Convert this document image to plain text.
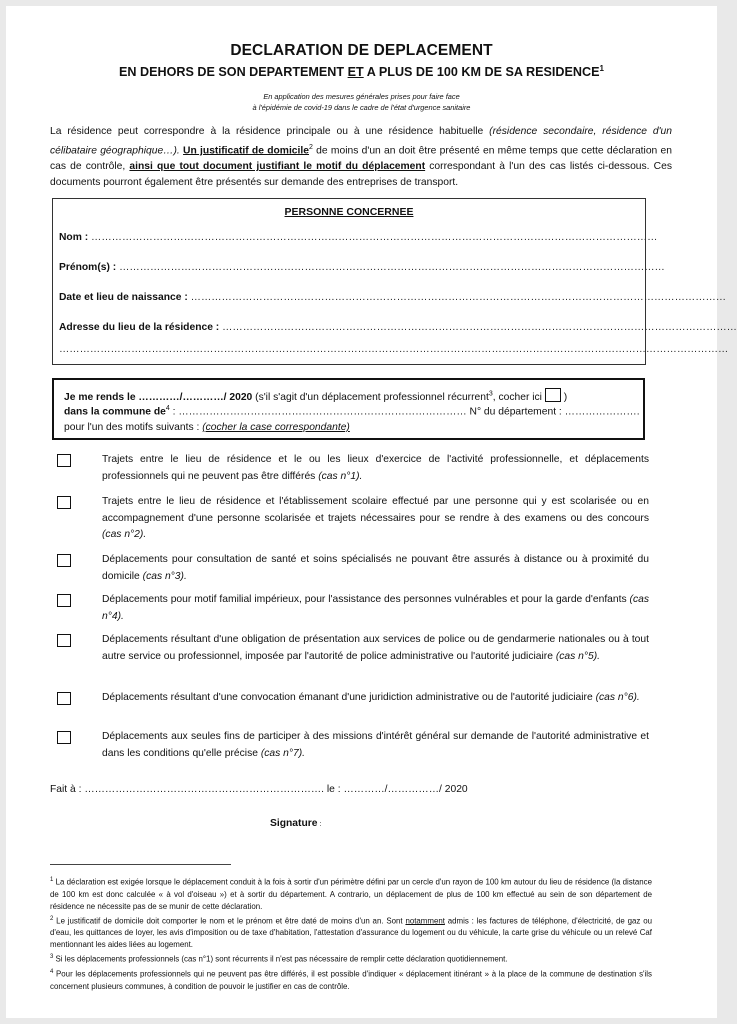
DECLARATION DE DEPLACEMENT
EN DEHORS DE SON DEPARTEMENT ET A PLUS DE 100 KM DE SA RESIDENCE$^1$
En application des mesures générales prises pour faire face
à l'épidémie de covid-19 dans le cadre de l'état d'urgence sanitaire
La résidence peut correspondre à la résidence principale ou à une résidence habituelle (résidence secondaire, résidence d'un célibataire géographique…). Un justificatif de domicile$^2$ de moins d'un an doit être présenté en même temps que cette déclaration en cas de contrôle, ainsi que tout document justifiant le motif du déplacement correspondant à l'un des cas listés ci-dessous. Ces documents pourront également être présentés sur demande des entreprises de transport.
PERSONNE CONCERNEE
Nom : …………………………………………………………………………………………………………………………………………………
Prénom(s) : ……………………………………………………………………………………………………………………………………………
Date et lieu de naissance : …………………………………………………………………………………………………………………………………………
Adresse du lieu de la résidence : ……………………………………………………………………………………………………………………………………
……………………………………………………………………………………………………………………………………………………………………………
Je me rends le …………/…………/ 2020 (s'il s'agit d'un déplacement professionnel récurrent$^3$, cocher ici  )
dans la commune $de^4$ : ………………………………………………………………………… N° du département : ………………….
pour l'un des motifs suivants : (cocher la case correspondante)
Trajets entre le lieu de résidence et le ou les lieux d'exercice de l'activité professionnelle, et déplacements professionnels qui ne peuvent pas être différés (cas n°1).
Trajets entre le lieu de résidence et l'établissement scolaire effectué par une personne qui y est scolarisée ou en accompagnement d'une personne scolarisée et trajets nécessaires pour se rendre à des examens ou des concours (cas n°2).
Déplacements pour consultation de santé et soins spécialisés ne pouvant être assurés à distance ou à proximité du domicile (cas n°3).
Déplacements pour motif familial impérieux, pour l'assistance des personnes vulnérables et pour la garde d'enfants (cas n°4).
Déplacements résultant d'une obligation de présentation aux services de police ou de gendarmerie nationales ou à tout autre service ou professionnel, imposée par l'autorité de police administrative ou l'autorité judiciaire (cas n°5).
Déplacements résultant d'une convocation émanant d'une juridiction administrative ou de l'autorité judiciaire (cas n°6).
Déplacements aux seules fins de participer à des missions d'intérêt général sur demande de l'autorité administrative et dans les conditions qu'elle précise (cas n°7).
Fait à : ……………………………………………………………. le : …………/……………/ 2020
Signature :

$^1$ La déclaration est exigée lorsque le déplacement conduit à la fois à sortir d'un périmètre défini par un cercle d'un rayon de 100 km autour du lieu de résidence (la distance de 100 km est donc calculée « à vol d'oiseau ») et à sortir du département. A contrario, un déplacement de plus de 100 km effectué au sein de son département de résidence ne nécessite pas de se munir de cette déclaration.

$^2$ Le justificatif de domicile doit comporter le nom et le prénom et être daté de moins d'un an. Sont notamment admis : les factures de téléphone, d'électricité, de gaz ou d'eau, les quittances de loyer, les avis d'imposition ou de taxe d'habitation, l'attestation d'assurance du logement ou du véhicule, la carte grise du véhicule ou un relevé Caf mentionnant les aides liées au logement.

$^3$ Si les déplacements professionnels (cas n°1) sont récurrents il n'est pas nécessaire de remplir cette déclaration quotidiennement.

$^4$ Pour les déplacements professionnels qui ne peuvent pas être différés, il est possible d'indiquer « déplacement itinérant » à la place de la commune de destination s'ils concernent plusieurs communes, à condition de pouvoir le justifier en cas de contrôle.
